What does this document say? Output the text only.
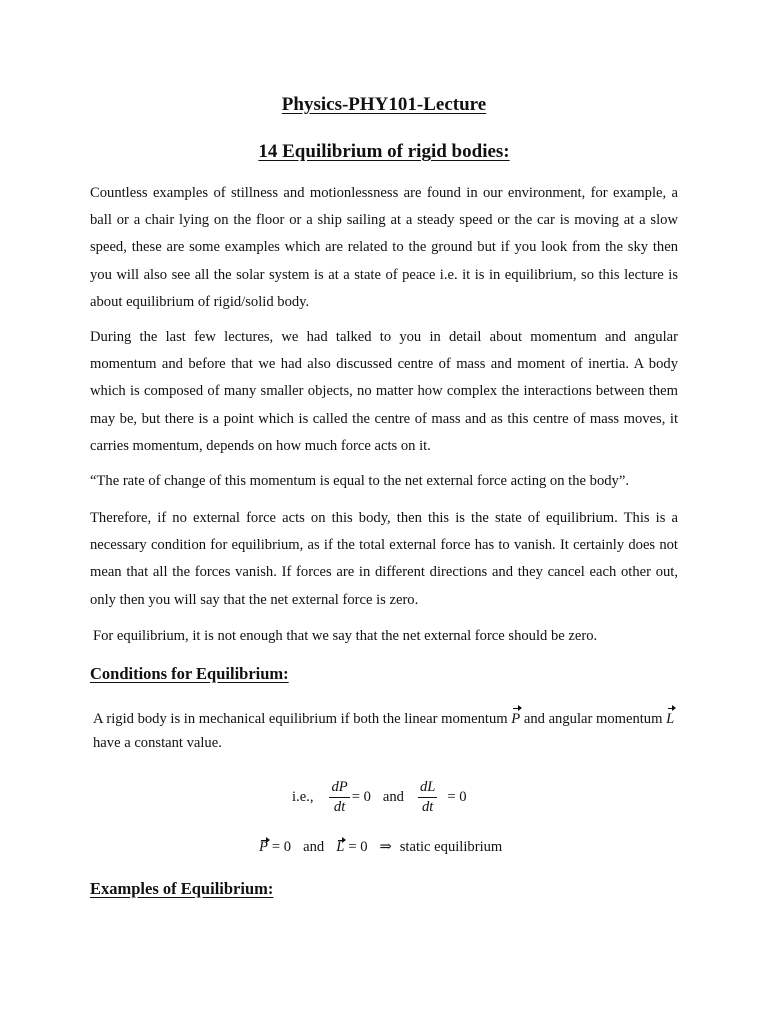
Physics-PHY101-Lecture
14 Equilibrium of rigid bodies:

Countless examples of stillness and motionlessness are found in our environment, for example, a ball or a chair lying on the floor or a ship sailing at a steady speed or the car is moving at a slow speed, these are some examples which are related to the ground but if you look from the sky then you will also see all the solar system is at a state of peace i.e. it is in equilibrium, so this lecture is about equilibrium of rigid/solid body.

During the last few lectures, we had talked to you in detail about momentum and angular momentum and before that we had also discussed centre of mass and moment of inertia. A body which is composed of many smaller objects, no matter how complex the interactions between them may be, but there is a point which is called the centre of mass and as this centre of mass moves, it carries momentum, depends on how much force acts on it.

“The rate of change of this momentum is equal to the net external force acting on the body”.

Therefore, if no external force acts on this body, then this is the state of equilibrium. This is a necessary condition for equilibrium, as if the total external force has to vanish. It certainly does not mean that all the forces vanish. If forces are in different directions and they cancel each other out, only then you will say that the net external force is zero.

For equilibrium, it is not enough that we say that the net external force should be zero.

Conditions for Equilibrium:
A rigid body is in mechanical equilibrium if both the linear momentum P and angular momentum L
have a constant value.
i.e., $\frac{dP}{dt} = 0$ and $\frac{dL}{dt} = 0$
P = 0 and L = 0 ⇒ static equilibrium
Examples of Equilibrium:
